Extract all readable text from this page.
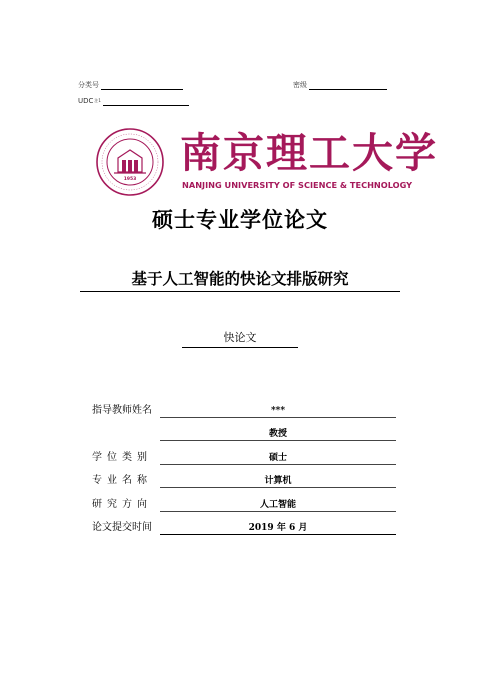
分类号	密级
UDC$^{注1}$
1953
南京理工大学
NANJING UNIVERSITY OF SCIENCE & TECHNOLOGY
硕士专业学位论文
基于人工智能的快论文排版研究
快论文
指导教师姓名	***
教授
学位类别	硕士
专业名称	计算机
研究方向	人工智能
论文提交时间	2019 年 6 月
